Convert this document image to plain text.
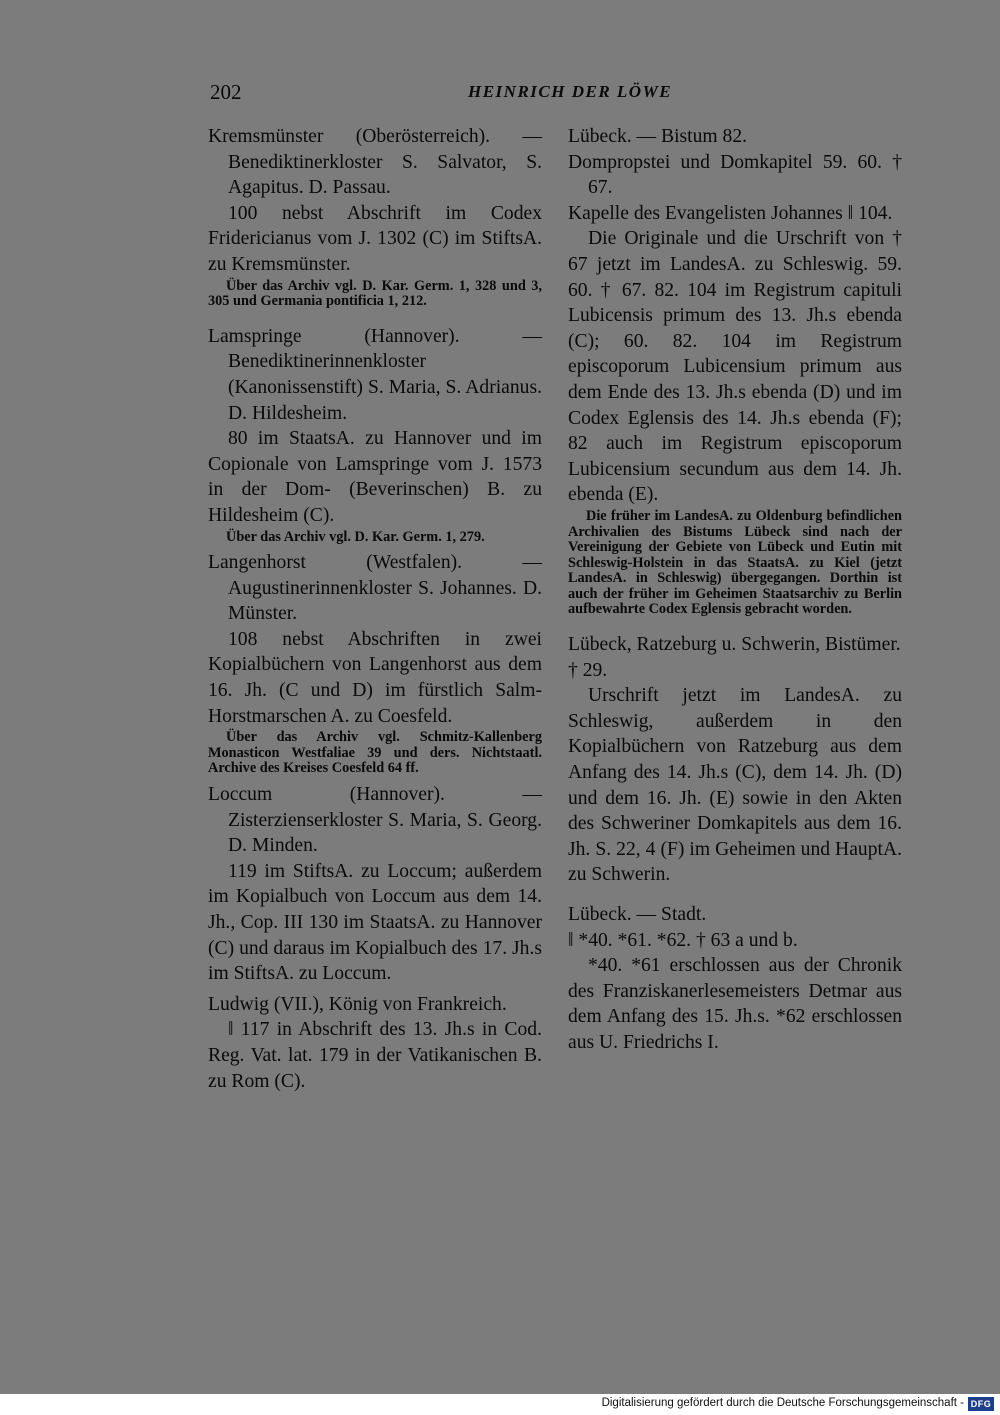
202	HEINRICH DER LÖWE

Kremsmünster (Oberösterreich). — Benediktinerkloster S. Salvator, S. Agapitus. D. Passau.

100 nebst Abschrift im Codex Fridericianus vom J. 1302 (C) im StiftsA. zu Kremsmünster.

Über das Archiv vgl. D. Kar. Germ. 1, 328 und 3, 305 und Germania pontificia 1, 212.

Lamspringe (Hannover). — Benediktinerinnenkloster (Kanonissenstift) S. Maria, S. Adrianus. D. Hildesheim.

80 im StaatsA. zu Hannover und im Copionale von Lamspringe vom J. 1573 in der Dom- (Beverinschen) B. zu Hildesheim (C).

Über das Archiv vgl. D. Kar. Germ. 1, 279.

Langenhorst (Westfalen). — Augustinerinnenkloster S. Johannes. D. Münster.

108 nebst Abschriften in zwei Kopialbüchern von Langenhorst aus dem 16. Jh. (C und D) im fürstlich Salm-Horstmarschen A. zu Coesfeld.

Über das Archiv vgl. Schmitz-Kallenberg Monasticon Westfaliae 39 und ders. Nichtstaatl. Archive des Kreises Coesfeld 64 ff.

Loccum (Hannover). — Zisterzienserkloster S. Maria, S. Georg. D. Minden.

119 im StiftsA. zu Loccum; außerdem im Kopialbuch von Loccum aus dem 14. Jh., Cop. III 130 im StaatsA. zu Hannover (C) und daraus im Kopialbuch des 17. Jh.s im StiftsA. zu Loccum.

Ludwig (VII.), König von Frankreich.

‖ 117 in Abschrift des 13. Jh.s in Cod. Reg. Vat. lat. 179 in der Vatikanischen B. zu Rom (C).

Lübeck. — Bistum 82.

Dompropstei und Domkapitel 59. 60. † 67.

Kapelle des Evangelisten Johannes ‖ 104.

Die Originale und die Urschrift von † 67 jetzt im LandesA. zu Schleswig. 59. 60. † 67. 82. 104 im Registrum capituli Lubicensis primum des 13. Jh.s ebenda (C); 60. 82. 104 im Registrum episcoporum Lubicensium primum aus dem Ende des 13. Jh.s ebenda (D) und im Codex Eglensis des 14. Jh.s ebenda (F); 82 auch im Registrum episcoporum Lubicensium secundum aus dem 14. Jh. ebenda (E).

Die früher im LandesA. zu Oldenburg befindlichen Archivalien des Bistums Lübeck sind nach der Vereinigung der Gebiete von Lübeck und Eutin mit Schleswig-Holstein in das StaatsA. zu Kiel (jetzt LandesA. in Schleswig) übergegangen. Dorthin ist auch der früher im Geheimen Staatsarchiv zu Berlin aufbewahrte Codex Eglensis gebracht worden.

Lübeck, Ratzeburg u. Schwerin, Bistümer.

† 29.

Urschrift jetzt im LandesA. zu Schleswig, außerdem in den Kopialbüchern von Ratzeburg aus dem Anfang des 14. Jh.s (C), dem 14. Jh. (D) und dem 16. Jh. (E) sowie in den Akten des Schweriner Domkapitels aus dem 16. Jh. S. 22, 4 (F) im Geheimen und HauptA. zu Schwerin.

Lübeck. — Stadt.

‖ *40. *61. *62. † 63 a und b.

*40. *61 erschlossen aus der Chronik des Franziskanerlesemeisters Detmar aus dem Anfang des 15. Jh.s. *62 erschlossen aus U. Friedrichs I.

Digitalisierung gefördert durch die Deutsche Forschungsgemeinschaft - DFG
